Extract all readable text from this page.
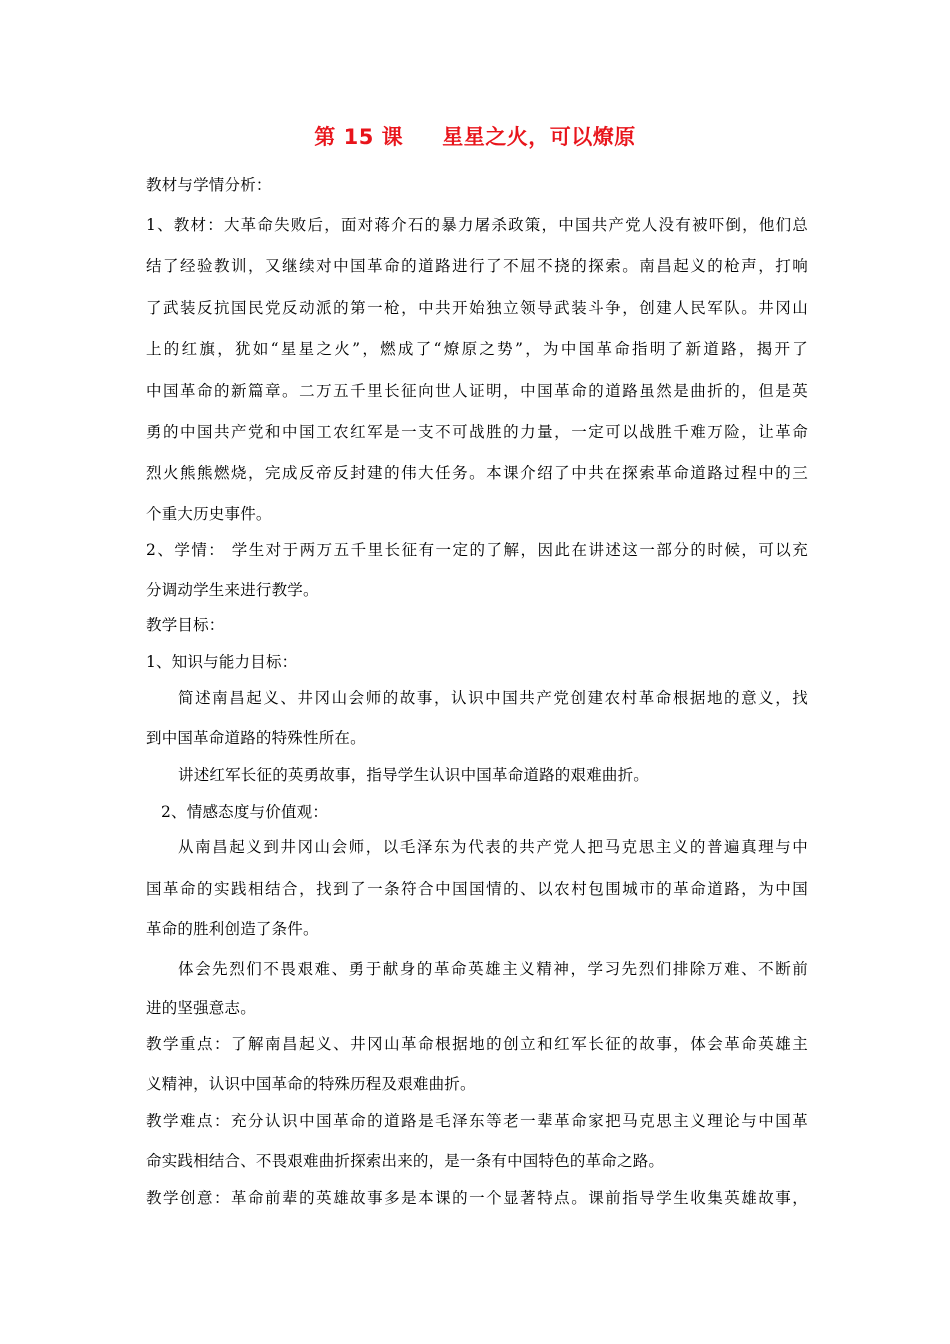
第 15 课     星星之火，可以燎原
教材与学情分析：
1、教材：大革命失败后，面对蒋介石的暴力屠杀政策，中国共产党人没有被吓倒，他们总
结了经验教训，又继续对中国革命的道路进行了不屈不挠的探索。南昌起义的枪声，打响
了武装反抗国民党反动派的第一枪，中共开始独立领导武装斗争，创建人民军队。井冈山
上的红旗，犹如“星星之火”，燃成了“燎原之势”，为中国革命指明了新道路，揭开了
中国革命的新篇章。二万五千里长征向世人证明，中国革命的道路虽然是曲折的，但是英
勇的中国共产党和中国工农红军是一支不可战胜的力量，一定可以战胜千难万险，让革命
烈火熊熊燃烧，完成反帝反封建的伟大任务。本课介绍了中共在探索革命道路过程中的三
个重大历史事件。
2、学情： 学生对于两万五千里长征有一定的了解，因此在讲述这一部分的时候，可以充
分调动学生来进行教学。
教学目标：
1、知识与能力目标：
简述南昌起义、井冈山会师的故事，认识中国共产党创建农村革命根据地的意义，找
到中国革命道路的特殊性所在。
讲述红军长征的英勇故事，指导学生认识中国革命道路的艰难曲折。
2、情感态度与价值观：
从南昌起义到井冈山会师，以毛泽东为代表的共产党人把马克思主义的普遍真理与中
国革命的实践相结合，找到了一条符合中国国情的、以农村包围城市的革命道路，为中国
革命的胜利创造了条件。
体会先烈们不畏艰难、勇于献身的革命英雄主义精神，学习先烈们排除万难、不断前
进的坚强意志。
教学重点：了解南昌起义、井冈山革命根据地的创立和红军长征的故事，体会革命英雄主
义精神，认识中国革命的特殊历程及艰难曲折。
教学难点：充分认识中国革命的道路是毛泽东等老一辈革命家把马克思主义理论与中国革
命实践相结合、不畏艰难曲折探索出来的，是一条有中国特色的革命之路。
教学创意：革命前辈的英雄故事多是本课的一个显著特点。课前指导学生收集英雄故事，
